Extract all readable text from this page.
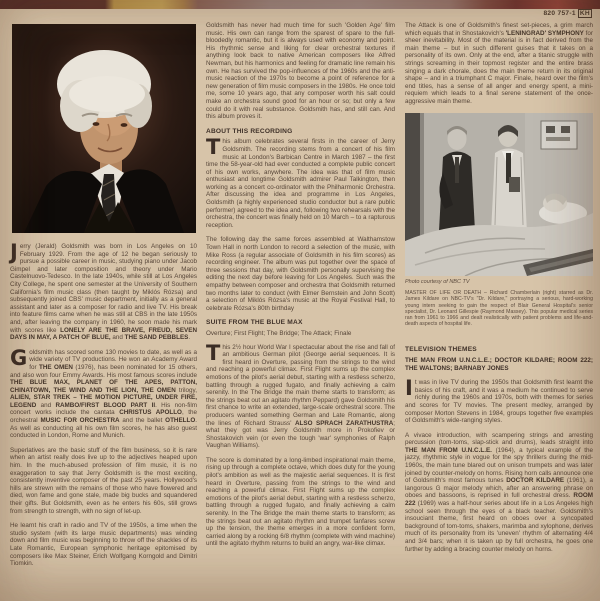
820 757-1 KH
Jerry (Jerald) Goldsmith was born in Los Angeles on 10 February 1929. From the age of 12 he began seriously to pursue a possible career in music, studying piano under Jacob Gimpel and later composition and theory under Mario Castelnuovo-Tedesco. In the late 1940s, while still at Los Angeles City College, he spent one semester at the University of Southern California's film music class (then taught by Miklós Rózsa) and subsequently joined CBS' music department, initially as a general assistant and later as a composer for radio and live TV. His break into feature films came when he was still at CBS in the late 1950s and, after leaving the company in 1960, he soon made his mark with scores like LONELY ARE THE BRAVE, FREUD, SEVEN DAYS IN MAY, A PATCH OF BLUE, and THE SAND PEBBLES.
Goldsmith has scored some 130 movies to date, as well as a wide variety of TV productions. He won an Academy Award for THE OMEN (1976), has been nominated for 15 others, and also won four Emmy Awards. His most famous scores include THE BLUE MAX, PLANET OF THE APES, PATTON, CHINATOWN, THE WIND AND THE LION, THE OMEN trilogy, ALIEN, STAR TREK – THE MOTION PICTURE, UNDER FIRE, LEGEND and RAMBO/FIRST BLOOD PART II. His non-film concert works include the cantata CHRISTUS APOLLO, the orchestral MUSIC FOR ORCHESTRA and the ballet OTHELLO. As well as conducting all his own film scores, he has also guest conducted in London, Rome and Munich.
Superlatives are the basic stuff of the film business, so it is rare when an artist really does live up to the adjectives heaped upon him. In the much-abused profession of film music, it is no exaggeration to say that Jerry Goldsmith is the most exciting, consistently inventive composer of the past 25 years. Hollywood's hills are strewn with the remains of those who have flowered and died, won fame and gone stale, made big bucks and squandered their gifts. But Goldsmith, even as he enters his 60s, still grows from strength to strength, with no sign of let-up.
He learnt his craft in radio and TV of the 1950s, a time when the studio system (with its large music departments) was winding down and film music was beginning to throw off the shackles of its Late Romantic, European symphonic heritage epitomised by composers like Max Steiner, Erich Wolfgang Korngold and Dimitri Tiomkin.
Goldsmith has never had much time for such 'Golden Age' film music. His own can range from the sparest of spare to the full-bloodedly romantic, but it is always used with economy and point. His rhythmic sense and liking for clear orchestral textures if anything look back to native American composers like Alfred Newman, but his harmonics and feeling for dramatic line remain his own. He has survived the pop-influences of the 1960s and the anti-music reaction of the 1970s to become a point of reference for a new generation of film music composers in the 1980s. He once told me, some 10 years ago, that any composer worth his salt could make an orchestra sound good for an hour or so; but only a few could do it with real substance. Goldsmith has, and still can. And this album proves it.
ABOUT THIS RECORDING
This album celebrates several firsts in the career of Jerry Goldsmith. The recording stems from a concert of his film music at London's Barbican Centre in March 1987 – the first time the 58-year-old had ever conducted a complete public concert of his own works, anywhere. The idea was that of film music enthusiast and longtime Goldsmith admirer Paul Talkington, then working as a concert co-ordinator with the Philharmonic Orchestra. After discussing the idea and programme in Los Angeles, Goldsmith (a highly experienced studio conductor but a rare public performer) agreed to the idea and, following two rehearsals with the orchestra, the concert was finally held on 10 March – to a rapturous reception.
The following day the same forces assembled at Walthamstow Town Hall in north London to record a selection of the music, with Mike Ross (a regular associate of Goldsmith in his film scores) as recording engineer. The album was put together over the space of three sessions that day, with Goldsmith personally supervising the editing the next day before leaving for Los Angeles. Such was the empathy between composer and orchestra that Goldsmith returned two months later to conduct (with Elmer Bernstein and John Scott) a selection of Miklós Rózsa's music at the Royal Festival Hall, to celebrate Rózsa's 80th birthday
SUITE FROM THE BLUE MAX
Overture; First Flight; The Bridge; The Attack; Finale
This 2½ hour World War I spectacular about the rise and fall of an ambitious German pilot (George aerial sequences. It is first heard in Overture, passing from the strings to the wind and reaching a powerful climax. First Flight sums up the complex emotions of the pilot's aerial debut, starting with a restless scherzo, battling through a rugged fugato, and finally achieving a calm serenity. In the The Bridge the main theme starts to transform; as the strings beat out an agitato rhythm Peppard) gave Goldsmith his first chance to write an extended, large-scale orchestral score. The producers wanted something German and Late Romantic, along the lines of Richard Strauss' ALSO SPRACH ZARATHUSTRA; what they got was Jerry Goldsmith more in Prokofiev or Shostakovich vein (or even the tough 'war' symphonies of Ralph Vaughan Williams).
The score is dominated by a long-limbed inspirational main theme, rising up through a complete octave, which does duty for the young pilot's ambition as well as the majestic aerial sequences. It is first heard in Overture, passing from the strings to the wind and reaching a powerful climax. First Flight sums up the complex emotions of the pilot's aerial debut, starting with a restless scherzo, battling through a rugged fugato, and finally achieving a calm serenity. In the The Bridge the main theme starts to transform; as the strings beat out an agitato rhythm and trumpet fanfares screw up the tension, the theme emerges in a more confident form, carried along by a rocking 6/8 rhythm (complete with wind machine) until the agitato rhythm returns to build an angry, war-like climax.
The Attack is one of Goldsmith's finest set-pieces, a grim march which equals that in Shostakovich's 'LENINGRAD' SYMPHONY for sheer inevitability. Most of the material is in fact derived from the main theme – but in such different guises that it takes on a personality of its own. Only at the end, after a titanic struggle with strings screaming in their topmost register and the entire brass singing a dark chorale, does the main theme return in its original shape – and in a triumphant C major. Finale, heard over the film's end titles, has a sense of all anger and energy spent, a mini-requiem which leads to a final serene statement of the once-aggressive main theme.
Photo courtesy of NBC TV
MASTER OF LIFE OR DEATH – Richard Chamberlain (right) starred as Dr. James Kildare on NBC-TV's "Dr. Kildare," portraying a serious, hard-working young intern seeking to gain the respect of Blair General Hospital's senior specialist, Dr. Leonard Gillespie (Raymond Massey). This popular medical series ran from 1961 to 1966 and dealt realistically with patient problems and life-and-death aspects of hospital life.
TELEVISION THEMES
THE MAN FROM U.N.C.L.E.; DOCTOR KILDARE; ROOM 222; THE WALTONS; BARNABY JONES
It was in live TV during the 1950s that Goldsmith first learnt the basics of his craft, and it was a medium he continued to serve richly during the 1960s and 1970s, both with themes for series and scores for TV movies. The present medley, arranged by composer Morton Stevens in 1984, groups together five examples of Goldsmith's wide-ranging styles.
A vivace introduction, with scampering strings and arresting percussion (tom-toms, slap-stick and drums), leads straight into THE MAN FROM U.N.C.L.E. (1964), a typical example of the jazzy, rhythmic style in vogue for the spy thrillers during the mid-1960s, the main tune blared out on unison trumpets and was later joined by counter-melody on horns. Rising horn calls announce one of Goldsmith's most famous tunes DOCTOR KILDARE (1961), a langorous G major melody which, after an answering phrase on oboes and bassoons, is reprised in full orchestral dress. ROOM 222 (1969) was a half-hour series about life in a Los Angeles high school seen through the eyes of a black teacher. Goldsmith's insouciant theme, first heard on oboes over a syncopated background of tom-toms, shakers, marimba and xylophone, derives much of its personality from its 'uneven' rhythm of alternating 4/4 and 3/4 bars; when it is taken up by full orchestra, he goes one further by adding a bracing counter melody on horns.
